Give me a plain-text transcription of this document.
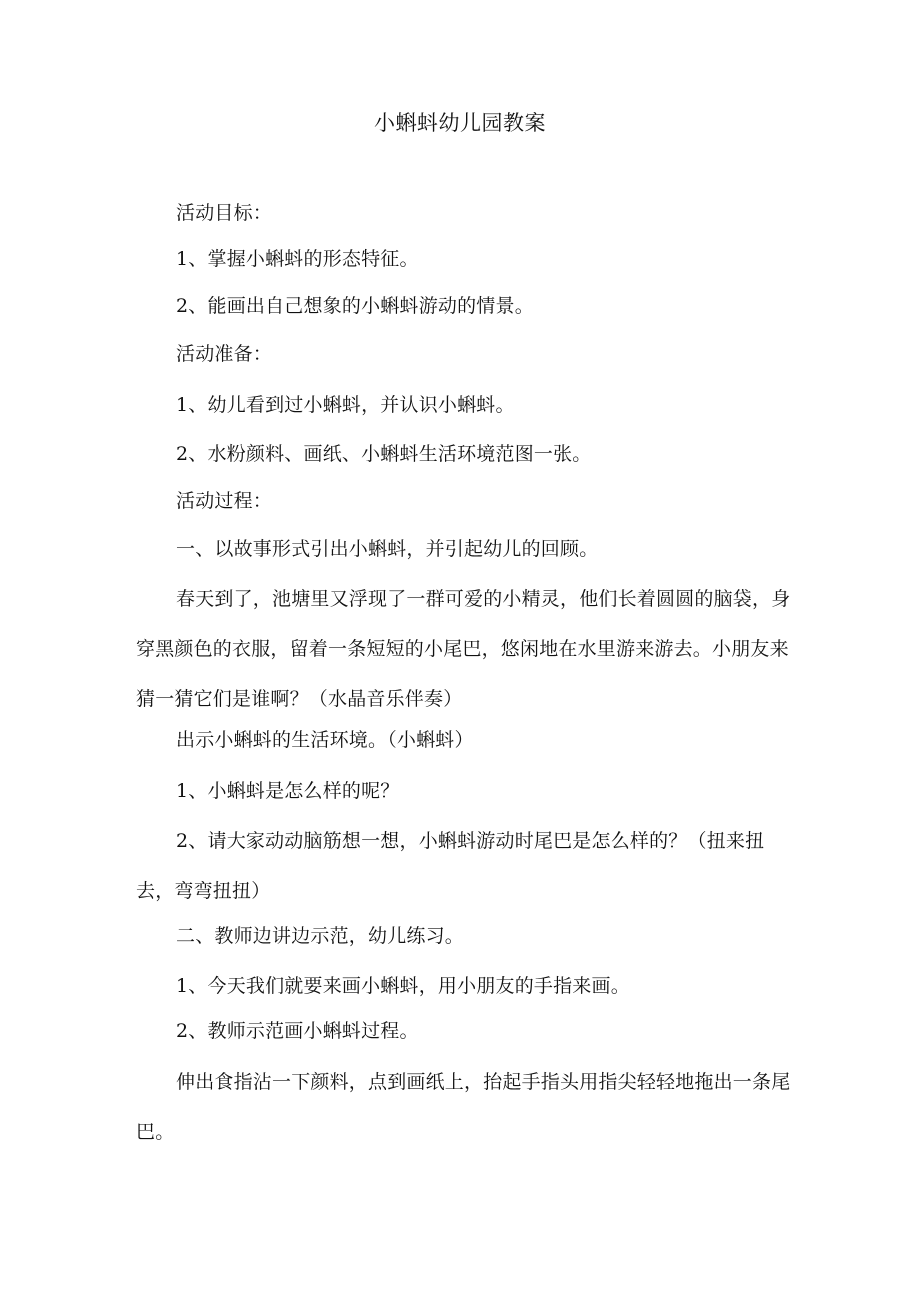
小蝌蚪幼儿园教案

活动目标：

1、掌握小蝌蚪的形态特征。

2、能画出自己想象的小蝌蚪游动的情景。

活动准备：

1、幼儿看到过小蝌蚪，并认识小蝌蚪。

2、水粉颜料、画纸、小蝌蚪生活环境范图一张。

活动过程：

一、以故事形式引出小蝌蚪，并引起幼儿的回顾。

春天到了，池塘里又浮现了一群可爱的小精灵，他们长着圆圆的脑袋，身穿黑颜色的衣服，留着一条短短的小尾巴，悠闲地在水里游来游去。小朋友来猜一猜它们是谁啊？（水晶音乐伴奏）

出示小蝌蚪的生活环境。（小蝌蚪）

1、小蝌蚪是怎么样的呢？

2、请大家动动脑筋想一想，小蝌蚪游动时尾巴是怎么样的？（扭来扭去，弯弯扭扭）

二、教师边讲边示范，幼儿练习。

1、今天我们就要来画小蝌蚪，用小朋友的手指来画。

2、教师示范画小蝌蚪过程。

伸出食指沾一下颜料，点到画纸上，抬起手指头用指尖轻轻地拖出一条尾巴。
